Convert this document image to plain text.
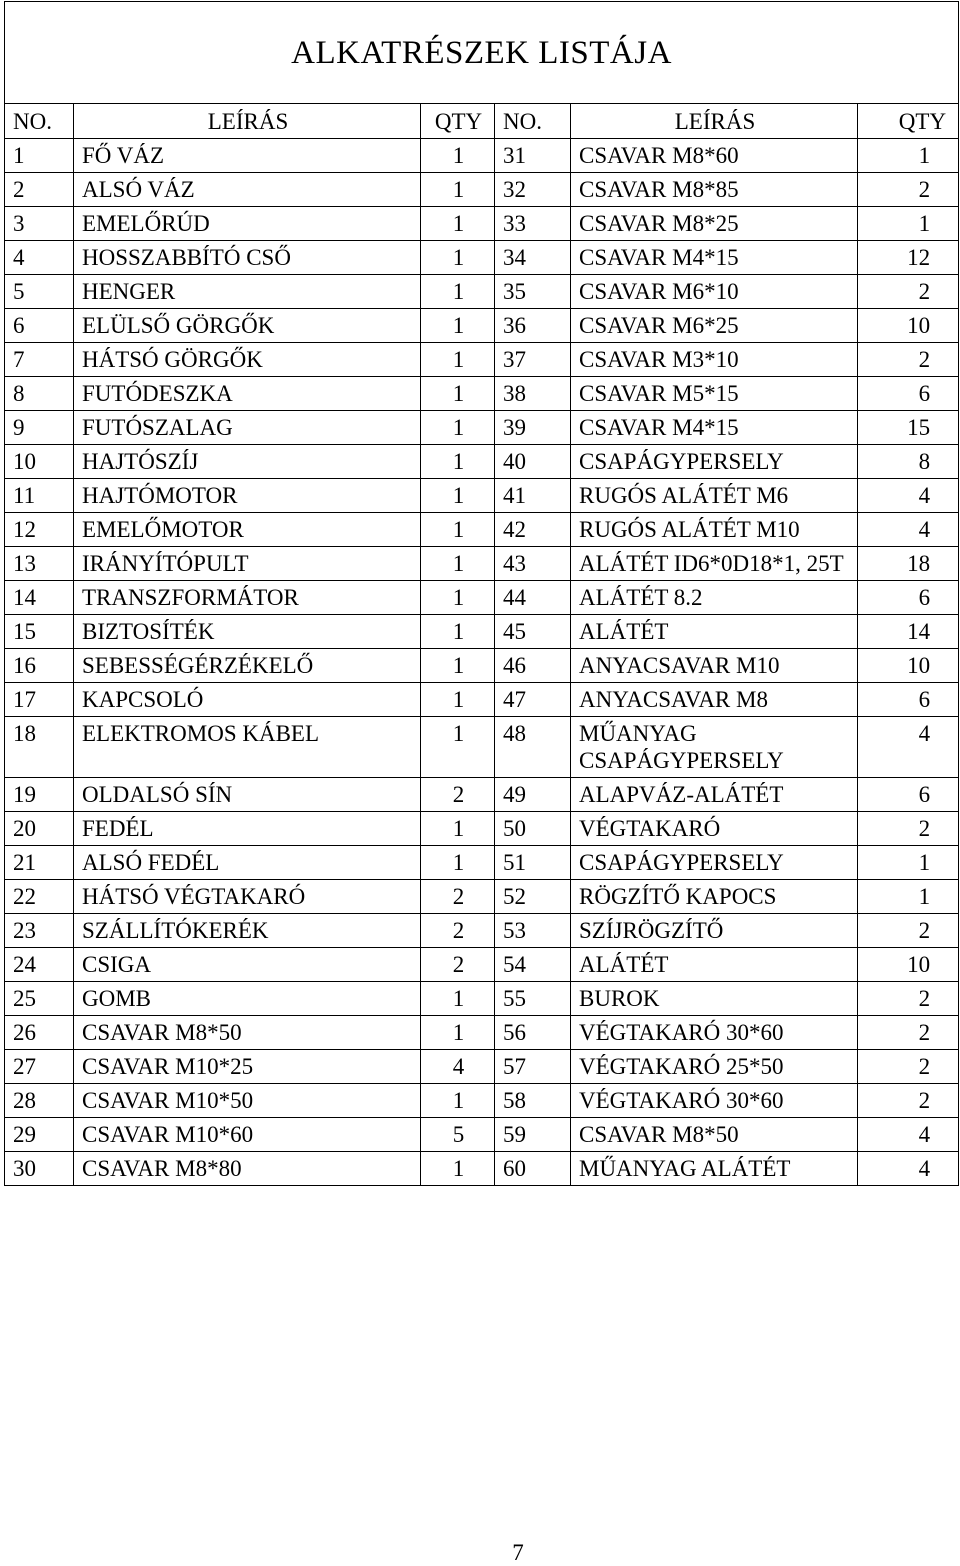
ALKATRÉSZEK LISTÁJA					
NO.	LEÍRÁS	QTY	NO.	LEÍRÁS	QTY
1	FŐ VÁZ	1	31	CSAVAR M8*60	1
2	ALSÓ VÁZ	1	32	CSAVAR M8*85	2
3	EMELŐRÚD	1	33	CSAVAR M8*25	1
4	HOSSZABBÍTÓ CSŐ	1	34	CSAVAR M4*15	12
5	HENGER	1	35	CSAVAR M6*10	2
6	ELÜLSŐ GÖRGŐK	1	36	CSAVAR M6*25	10
7	HÁTSÓ GÖRGŐK	1	37	CSAVAR M3*10	2
8	FUTÓDESZKA	1	38	CSAVAR M5*15	6
9	FUTÓSZALAG	1	39	CSAVAR M4*15	15
10	HAJTÓSZÍJ	1	40	CSAPÁGYPERSELY	8
11	HAJTÓMOTOR	1	41	RUGÓS ALÁTÉT M6	4
12	EMELŐMOTOR	1	42	RUGÓS ALÁTÉT M10	4
13	IRÁNYÍTÓPULT	1	43	ALÁTÉT ID6*0D18*1, 25T	18
14	TRANSZFORMÁTOR	1	44	ALÁTÉT 8.2	6
15	BIZTOSÍTÉK	1	45	ALÁTÉT	14
16	SEBESSÉGÉRZÉKELŐ	1	46	ANYACSAVAR M10	10
17	KAPCSOLÓ	1	47	ANYACSAVAR M8	6
18	ELEKTROMOS KÁBEL	1	48	MŰANYAG CSAPÁGYPERSELY	4
19	OLDALSÓ SÍN	2	49	ALAPVÁZ-ALÁTÉT	6
20	FEDÉL	1	50	VÉGTAKARÓ	2
21	ALSÓ FEDÉL	1	51	CSAPÁGYPERSELY	1
22	HÁTSÓ VÉGTAKARÓ	2	52	RÖGZÍTŐ KAPOCS	1
23	SZÁLLÍTÓKERÉK	2	53	SZÍJRÖGZÍTŐ	2
24	CSIGA	2	54	ALÁTÉT	10
25	GOMB	1	55	BUROK	2
26	CSAVAR M8*50	1	56	VÉGTAKARÓ 30*60	2
27	CSAVAR M10*25	4	57	VÉGTAKARÓ 25*50	2
28	CSAVAR M10*50	1	58	VÉGTAKARÓ 30*60	2
29	CSAVAR M10*60	5	59	CSAVAR M8*50	4
30	CSAVAR M8*80	1	60	MŰANYAG ALÁTÉT	4
7
